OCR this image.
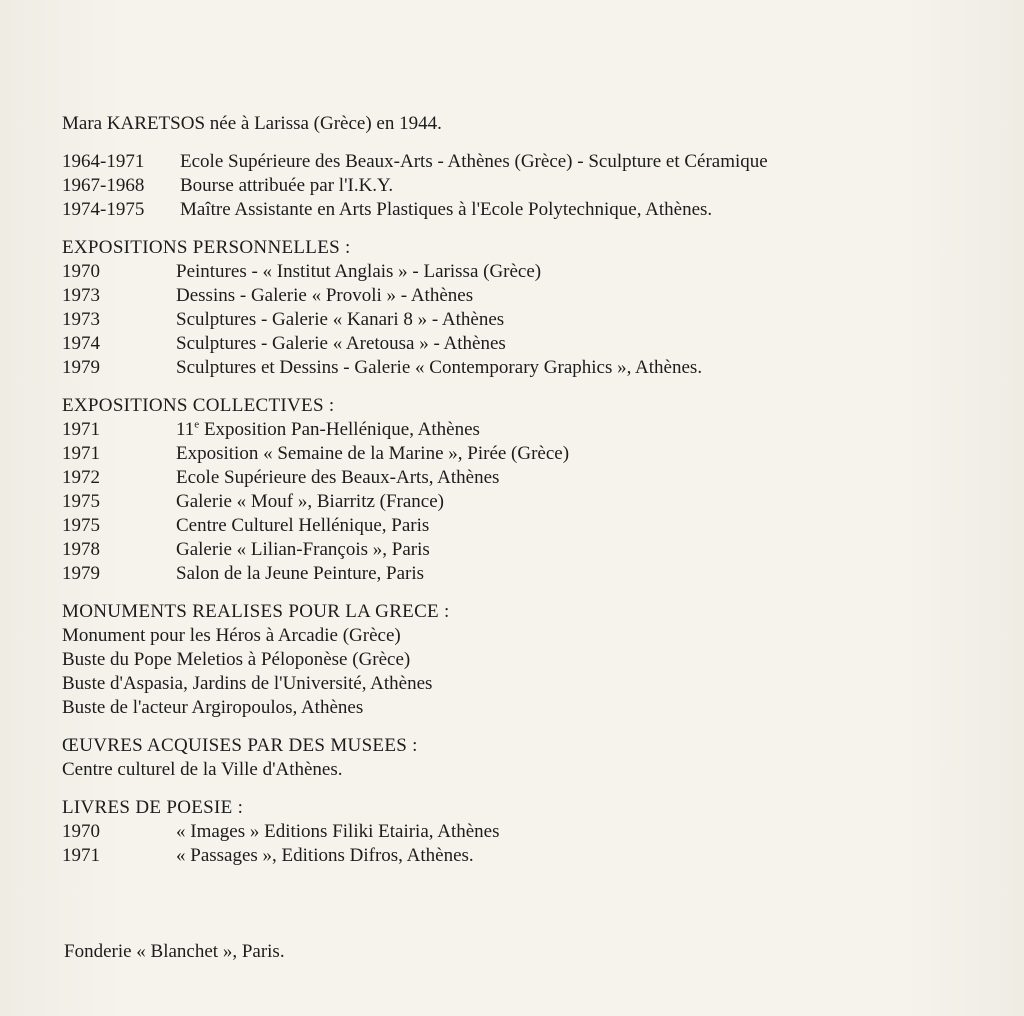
Mara KARETSOS née à Larissa (Grèce) en 1944.
1964-1971	Ecole Supérieure des Beaux-Arts - Athènes (Grèce) - Sculpture et Céramique
1967-1968	Bourse attribuée par l'I.K.Y.
1974-1975	Maître Assistante en Arts Plastiques à l'Ecole Polytechnique, Athènes.
EXPOSITIONS PERSONNELLES :
1970	Peintures - « Institut Anglais » - Larissa (Grèce)
1973	Dessins - Galerie « Provoli » - Athènes
1973	Sculptures - Galerie « Kanari 8 » - Athènes
1974	Sculptures - Galerie « Aretousa » - Athènes
1979	Sculptures et Dessins - Galerie « Contemporary Graphics », Athènes.
EXPOSITIONS COLLECTIVES :
1971	11e Exposition Pan-Hellénique, Athènes
1971	Exposition « Semaine de la Marine », Pirée (Grèce)
1972	Ecole Supérieure des Beaux-Arts, Athènes
1975	Galerie « Mouf », Biarritz (France)
1975	Centre Culturel Hellénique, Paris
1978	Galerie « Lilian-François », Paris
1979	Salon de la Jeune Peinture, Paris
MONUMENTS REALISES POUR LA GRECE :
Monument pour les Héros à Arcadie (Grèce)
Buste du Pope Meletios à Péloponèse (Grèce)
Buste d'Aspasia, Jardins de l'Université, Athènes
Buste de l'acteur Argiropoulos, Athènes
ŒUVRES ACQUISES PAR DES MUSEES :
Centre culturel de la Ville d'Athènes.
LIVRES DE POESIE :
1970	« Images » Editions Filiki Etairia, Athènes
1971	« Passages », Editions Difros, Athènes.
Fonderie « Blanchet », Paris.
